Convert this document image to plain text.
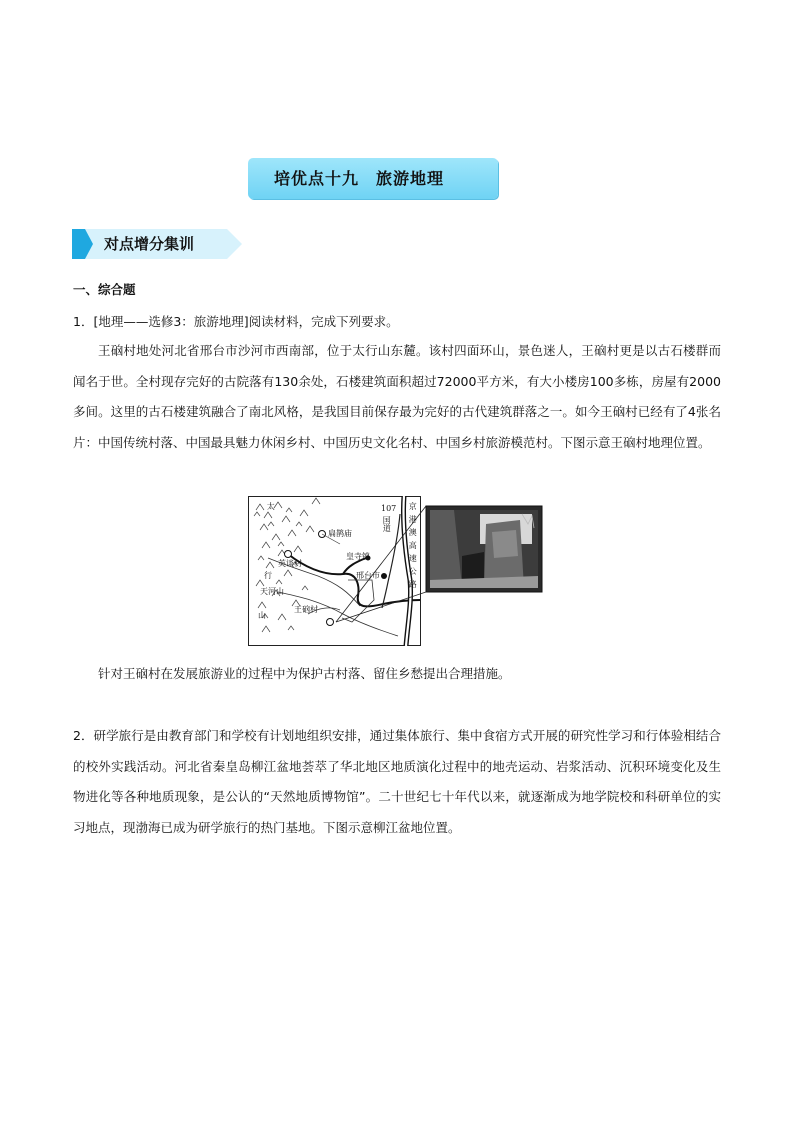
培优点十九　旅游地理
对点增分集训
一、综合题
1．[地理——选修3：旅游地理]阅读材料，完成下列要求。
王硇村地处河北省邢台市沙河市西南部，位于太行山东麓。该村四面环山，景色迷人，王硇村更是以古石楼群而闻名于世。全村现存完好的古院落有130余处，石楼建筑面积超过72000平方米，有大小楼房100多栋，房屋有2000多间。这里的古石楼建筑融合了南北风格，是我国目前保存最为完好的古代建筑群落之一。如今王硇村已经有了4张名片：中国传统村落、中国最具魅力休闲乡村、中国历史文化名村、中国乡村旅游模范村。下图示意王硇村地理位置。
太
行
山
扁鹊庙
107
国道
皇寺镇
英谈村
邢台市
天河山
王硇村
京港澳高速公路
针对王硇村在发展旅游业的过程中为保护古村落、留住乡愁提出合理措施。
2．研学旅行是由教育部门和学校有计划地组织安排，通过集体旅行、集中食宿方式开展的研究性学习和行体验相结合的校外实践活动。河北省秦皇岛柳江盆地荟萃了华北地区地质演化过程中的地壳运动、岩浆活动、沉积环境变化及生物进化等各种地质现象，是公认的“天然地质博物馆”。二十世纪七十年代以来，就逐渐成为地学院校和科研单位的实习地点，现渤海已成为研学旅行的热门基地。下图示意柳江盆地位置。
